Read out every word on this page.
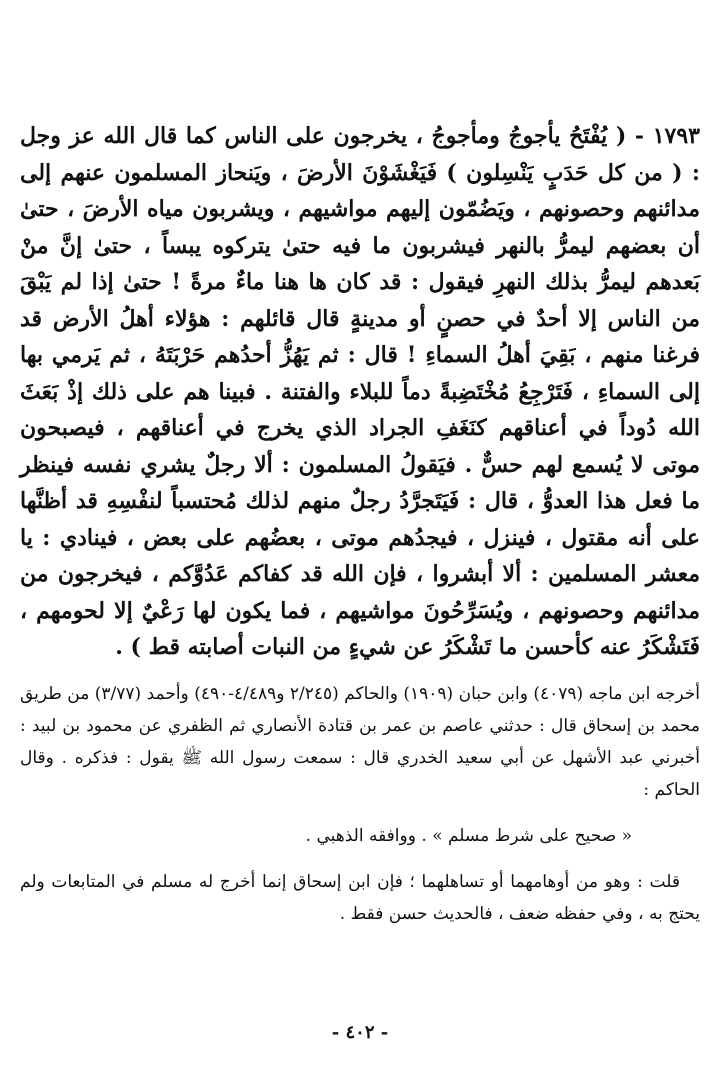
١٧٩٣ - ( يُفْتَحُ يأجوجُ ومأجوجُ ، يخرجون على الناس كما قال الله عز وجل : ( من كل حَدَبٍ يَنْسِلون ) فَيَغْشَوْنَ الأرضَ ، ويَنحاز المسلمون عنهم إلى مدائنهم وحصونهم ، ويَضُمّون إليهم مواشيهم ، ويشربون مياه الأرضَ ، حتىٰ أن بعضهم ليمرُّ بالنهر فيشربون ما فيه حتىٰ يتركوه يبساً ، حتىٰ إنَّ منْ بَعدهم ليمرُّ بذلك النهرِ فيقول : قد كان ها هنا ماءٌ مرةً ! حتىٰ إذا لم يَبْقَ من الناس إلا أحدٌ في حصنٍ أو مدينةٍ قال قائلهم : هؤلاء أهلُ الأرض قد فرغنا منهم ، بَقِيَ أهلُ السماءِ ! قال : ثم يَهُزُّ أحدُهم حَرْبَتَهُ ، ثم يَرمي بها إلى السماءِ ، فَتَرْجِعُ مُخْتَضِبةً دماً للبلاء والفتنة . فبينا هم على ذلك إذْ بَعَثَ الله دُوداً في أعناقهم كنَغَفِ الجراد الذي يخرج في أعناقهم ، فيصبحون موتى لا يُسمع لهم حسٌّ . فيَقولُ المسلمون : ألا رجلٌ يشري نفسه فينظر ما فعل هذا العدوُّ ، قال : فَيَتَجرَّدُ رجلٌ منهم لذلك مُحتسباً لنفْسِهِ قد أظنَّها على أنه مقتول ، فينزل ، فيجدُهم موتى ، بعضُهم على بعض ، فينادي : يا معشر المسلمين : ألا أبشروا ، فإن الله قد كفاكم عَدُوَّكم ، فيخرجون من مدائنهم وحصونهم ، ويُسَرِّحُونَ مواشيهم ، فما يكون لها رَعْيٌ إلا لحومهم ، فَتَشْكَرُ عنه كأحسن ما تَشْكَرُ عن شيءٍ من النبات أصابته قط ) .

أخرجه ابن ماجه (٤٠٧٩) وابن حبان (١٩٠٩) والحاكم (٢/٢٤٥ و٤/٤٨٩-٤٩٠) وأحمد (٣/٧٧) من طريق محمد بن إسحاق قال : حدثني عاصم بن عمر بن قتادة الأنصاري ثم الظفري عن محمود بن لبيد : أخبرني عبد الأشهل عن أبي سعيد الخدري قال : سمعت رسول الله ﷺ يقول : فذكره . وقال الحاكم :

« صحيح على شرط مسلم » . ووافقه الذهبي .

قلت : وهو من أوهامهما أو تساهلهما ؛ فإن ابن إسحاق إنما أخرج له مسلم في المتابعات ولم يحتج به ، وفي حفظه ضعف ، فالحديث حسن فقط .

- ٤٠٢ -
